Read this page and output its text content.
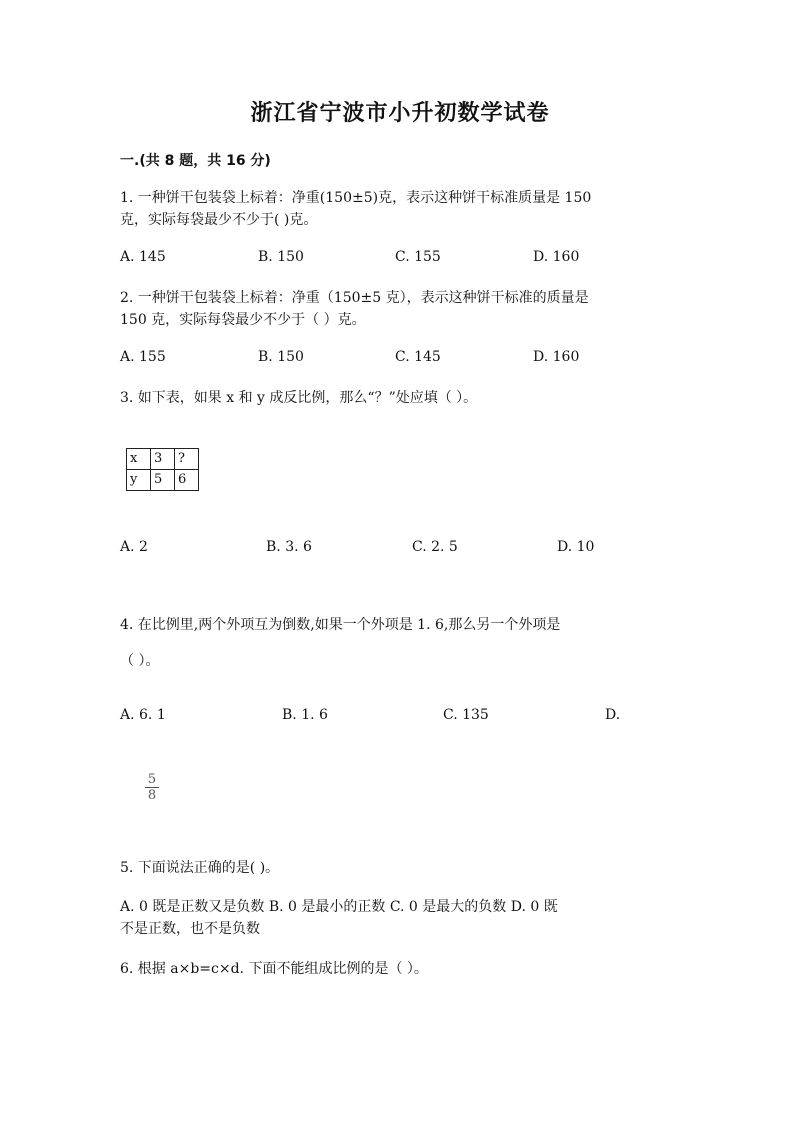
浙江省宁波市小升初数学试卷
一.(共 8 题，共 16 分)
1. 一种饼干包装袋上标着：净重(150±5)克，表示这种饼干标准质量是 150
克，实际每袋最少不少于( )克。
A. 145	B. 150	C. 155	D. 160
2. 一种饼干包装袋上标着：净重（150±5 克），表示这种饼干标准的质量是
150 克，实际每袋最少不少于（ ）克。
A. 155	B. 150	C. 145	D. 160
3. 如下表，如果 x 和 y 成反比例，那么“？”处应填（ ）。
x	3	?
y	5	6
A. 2	B. 3. 6	C. 2. 5	D. 10
4. 在比例里,两个外项互为倒数,如果一个外项是 1. 6,那么另一个外项是
（ ）。
A. 6. 1	B. 1. 6	C. 135	D.
$\frac{5}{8}$
5. 下面说法正确的是( )。
A. 0 既是正数又是负数 B. 0 是最小的正数 C. 0 是最大的负数 D. 0 既
不是正数，也不是负数
6. 根据 a×b=c×d. 下面不能组成比例的是（ ）。
